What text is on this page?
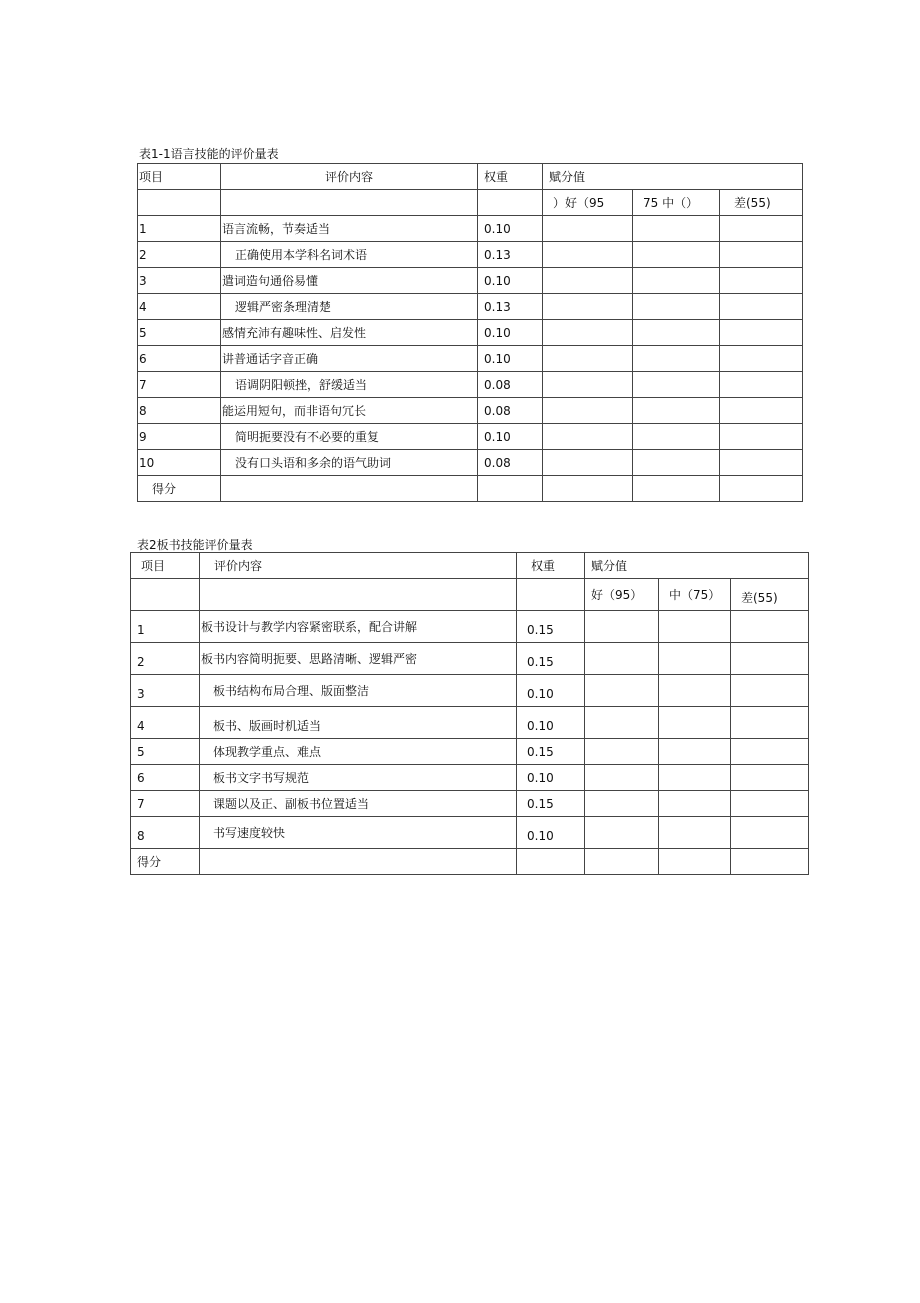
表1-1语言技能的评价量表
项目	评价内容	权重	赋分值		
			）好（95	75 中（）	差(55)
1	语言流畅，节奏适当	0.10			
2	正确使用本学科名词术语	0.13			
3	遣词造句通俗易懂	0.10			
4	逻辑严密条理清楚	0.13			
5	感情充沛有趣味性、启发性	0.10			
6	讲普通话字音正确	0.10			
7	语调阴阳顿挫，舒缓适当	0.08			
8	能运用短句，而非语句冗长	0.08			
9	简明扼要没有不必要的重复	0.10			
10	没有口头语和多余的语气助词	0.08			
得分					
表2板书技能评价量表
项目	评价内容	权重	赋分值		
			好（95）	中（75）	差(55)
1	板书设计与教学内容紧密联系，配合讲解	0.15			
2	板书内容简明扼要、思路清晰、逻辑严密	0.15			
3	板书结构布局合理、版面整洁	0.10			
4	板书、版画时机适当	0.10			
5	体现教学重点、难点	0.15			
6	板书文字书写规范	0.10			
7	课题以及正、副板书位置适当	0.15			
8	书写速度较快	0.10			
得分					
